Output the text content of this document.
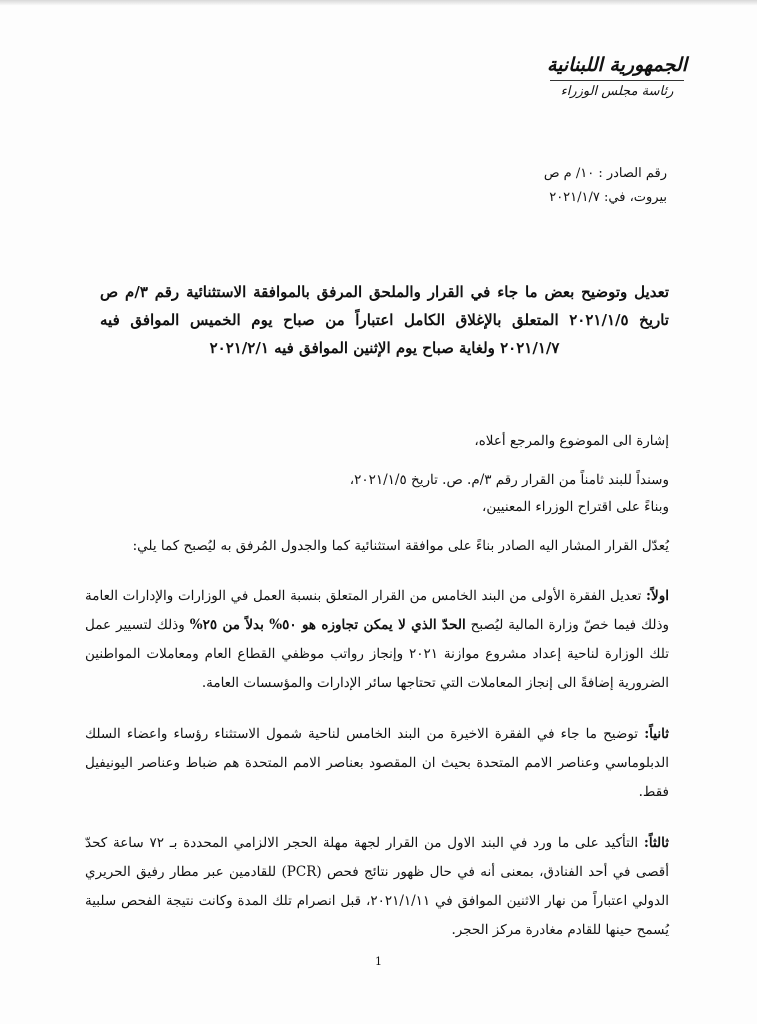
الجمهورية اللبنانية
رئاسة مجلس الوزراء
رقم الصادر : ١٠/ م ص
بيروت، في: ٢٠٢١/١/٧
تعديل وتوضيح بعض ما جاء في القرار والملحق المرفق بالموافقة الاستثنائية رقم ٣/م ص تاريخ ٢٠٢١/١/٥ المتعلق بالإغلاق الكامل اعتباراً من صباح يوم الخميس الموافق فيه ٢٠٢١/١/٧ ولغاية صباح يوم الإثنين الموافق فيه ٢٠٢١/٢/١

إشارة الى الموضوع والمرجع أعلاه،

وسنداً للبند ثامناً من القرار رقم ٣/م. ص. تاريخ ٢٠٢١/١/٥،

وبناءً على اقتراح الوزراء المعنيين،

يُعدّل القرار المشار اليه الصادر بناءً على موافقة استثنائية كما والجدول المُرفق به ليُصبح كما يلي:

اولاً: تعديل الفقرة الأولى من البند الخامس من القرار المتعلق بنسبة العمل في الوزارات والإدارات العامة وذلك فيما خصّ وزارة المالية ليُصبح الحدّ الذي لا يمكن تجاوزه هو ٥٠% بدلاً من ٢٥% وذلك لتسيير عمل تلك الوزارة لناحية إعداد مشروع موازنة ٢٠٢١ وإنجاز رواتب موظفي القطاع العام ومعاملات المواطنين الضرورية إضافةً الى إنجاز المعاملات التي تحتاجها سائر الإدارات والمؤسسات العامة.

ثانياً: توضيح ما جاء في الفقرة الاخيرة من البند الخامس لناحية شمول الاستثناء رؤساء واعضاء السلك الدبلوماسي وعناصر الامم المتحدة بحيث ان المقصود بعناصر الامم المتحدة هم ضباط وعناصر اليونيفيل فقط.

ثالثاً: التأكيد على ما ورد في البند الاول من القرار لجهة مهلة الحجر الالزامي المحددة بـ ٧٢ ساعة كحدّ أقصى في أحد الفنادق، بمعنى أنه في حال ظهور نتائج فحص (PCR) للقادمين عبر مطار رفيق الحريري الدولي اعتباراً من نهار الاثنين الموافق في ٢٠٢١/١/١١، قبل انصرام تلك المدة وكانت نتيجة الفحص سلبية يُسمح حينها للقادم مغادرة مركز الحجر.

1
